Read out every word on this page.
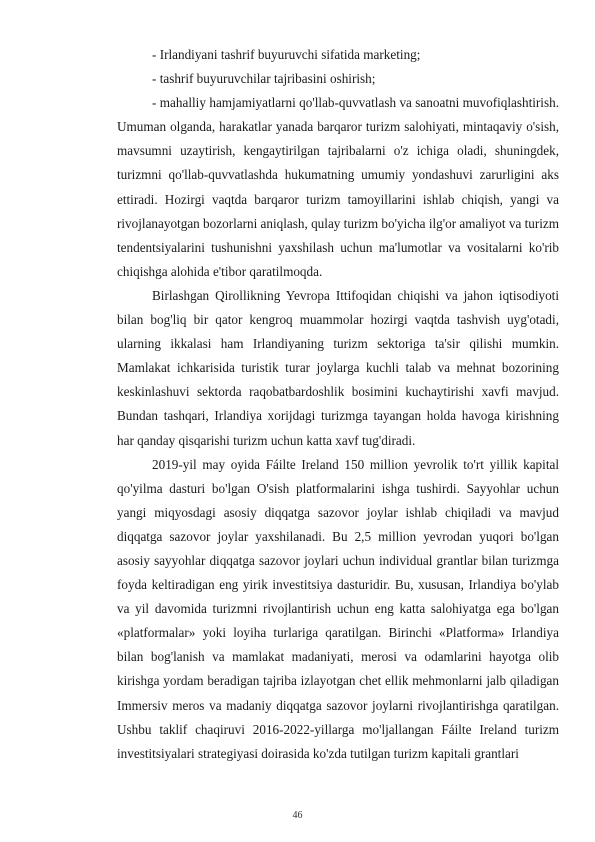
- Irlandiyani tashrif buyuruvchi sifatida marketing;

- tashrif buyuruvchilar tajribasini oshirish;

- mahalliy hamjamiyatlarni qo'llab-quvvatlash va sanoatni muvofiqlashtirish. Umuman olganda, harakatlar yanada barqaror turizm salohiyati, mintaqaviy o'sish, mavsumni uzaytirish, kengaytirilgan tajribalarni o'z ichiga oladi, shuningdek, turizmni qo'llab-quvvatlashda hukumatning umumiy yondashuvi zarurligini aks ettiradi. Hozirgi vaqtda barqaror turizm tamoyillarini ishlab chiqish, yangi va rivojlanayotgan bozorlarni aniqlash, qulay turizm bo'yicha ilg'or amaliyot va turizm tendentsiyalarini tushunishni yaxshilash uchun ma'lumotlar va vositalarni ko'rib chiqishga alohida e'tibor qaratilmoqda.

Birlashgan Qirollikning Yevropa Ittifoqidan chiqishi va jahon iqtisodiyoti bilan bog'liq bir qator kengroq muammolar hozirgi vaqtda tashvish uyg'otadi, ularning ikkalasi ham Irlandiyaning turizm sektoriga ta'sir qilishi mumkin. Mamlakat ichkarisida turistik turar joylarga kuchli talab va mehnat bozorining keskinlashuvi sektorda raqobatbardoshlik bosimini kuchaytirishi xavfi mavjud. Bundan tashqari, Irlandiya xorijdagi turizmga tayangan holda havoga kirishning har qanday qisqarishi turizm uchun katta xavf tug'diradi.

2019-yil may oyida Fáilte Ireland 150 million yevrolik to'rt yillik kapital qo'yilma dasturi bo'lgan O'sish platformalarini ishga tushirdi. Sayyohlar uchun yangi miqyosdagi asosiy diqqatga sazovor joylar ishlab chiqiladi va mavjud diqqatga sazovor joylar yaxshilanadi. Bu 2,5 million yevrodan yuqori bo'lgan asosiy sayyohlar diqqatga sazovor joylari uchun individual grantlar bilan turizmga foyda keltiradigan eng yirik investitsiya dasturidir. Bu, xususan, Irlandiya bo'ylab va yil davomida turizmni rivojlantirish uchun eng katta salohiyatga ega bo'lgan «platformalar» yoki loyiha turlariga qaratilgan. Birinchi «Platforma» Irlandiya bilan bog'lanish va mamlakat madaniyati, merosi va odamlarini hayotga olib kirishga yordam beradigan tajriba izlayotgan chet ellik mehmonlarni jalb qiladigan Immersiv meros va madaniy diqqatga sazovor joylarni rivojlantirishga qaratilgan. Ushbu taklif chaqiruvi 2016-2022-yillarga mo'ljallangan Fáilte Ireland turizm investitsiyalari strategiyasi doirasida ko'zda tutilgan turizm kapitali grantlari

46
